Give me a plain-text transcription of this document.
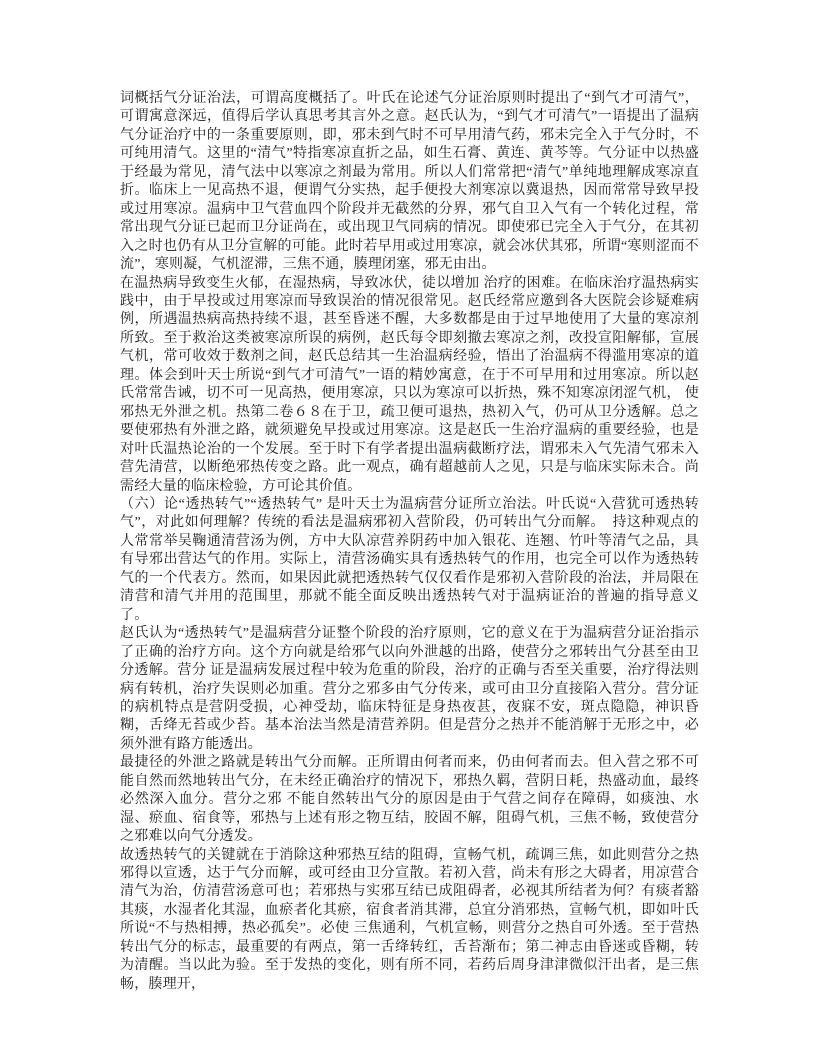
词概括气分证治法，可谓高度概括了。叶氏在论述气分证治原则时提出了“到气才可清气”，可谓寓意深远，值得后学认真思考其言外之意。赵氏认为，“到气才可清气”一语提出了温病气分证治疗中的一条重要原则，即，邪未到气时不可早用清气药，邪未完全入于气分时，不可纯用清气。这里的“清气”特指寒凉直折之品，如生石膏、黄连、黄芩等。气分证中以热盛 于经最为常见，清气法中以寒凉之剂最为常用。所以人们常常把“清气”单纯地理解成寒凉直折。临床上一见高热不退，便谓气分实热，起手便投大剂寒凉以冀退热，因而常常导致早投或过用寒凉。温病中卫气营血四个阶段并无截然的分界，邪气自卫入气有一个转化过程，常常出现气分证已起而卫分证尚在，或出现卫气同病的情况。即使邪已完全入于气分，在其初入之时也仍有从卫分宣解的可能。此时若早用或过用寒凉，就会冰伏其邪，所谓“寒则涩而不流”，寒则凝，气机涩滞，三焦不通，腠理闭塞，邪无由出。

在温热病导致变生火郁，在湿热病，导致冰伏，徒以增加 治疗的困难。在临床治疗温热病实践中，由于早投或过用寒凉而导致误治的情况很常见。赵氏经常应邀到各大医院会诊疑难病例，所遇温热病高热持续不退，甚至昏迷不醒，大多数都是由于过早地使用了大量的寒凉剂所致。至于救治这类被寒凉所误的病例，赵氏每令即刻撤去寒凉之剂，改投宣阳解郁，宣展气机，常可收效于数剂之间，赵氏总结其一生治温病经验，悟出了治温病不得滥用寒凉的道理。体会到叶天士所说“到气才可清气”一语的精妙寓意，在于不可早用和过用寒凉。所以赵氏常常告诫，切不可一见高热，便用寒凉，只以为寒凉可以折热，殊不知寒凉闭涩气机， 使邪热无外泄之机。热第二卷６８在于卫，疏卫便可退热，热初入气，仍可从卫分透解。总之要使邪热有外泄之路，就须避免早投或过用寒凉。这是赵氏一生治疗温病的重要经验，也是对叶氏温热论治的一个发展。至于时下有学者提出温病截断疗法，谓邪未入气先清气邪未入营先清营，以断绝邪热传变之路。此一观点，确有超越前人之见，只是与临床实际未合。尚需经大量的临床检验，方可论其价值。

（六）论“透热转气”“透热转气” 是叶天士为温病营分证所立治法。叶氏说“入营犹可透热转气”，对此如何理解？传统的看法是温病邪初入营阶段，仍可转出气分而解。　持这种观点的人常常举吴鞠通清营汤为例，方中大队凉营养阴药中加入银花、连翘、竹叶等清气之品，具有导邪出营达气的作用。实际上，清营汤确实具有透热转气的作用，也完全可以作为透热转气的一个代表方。然而，如果因此就把透热转气仅仅看作是邪初入营阶段的治法，并局限在清营和清气并用的范围里，那就不能全面反映出透热转气对于温病证治的普遍的指导意义了。

赵氏认为“透热转气”是温病营分证整个阶段的治疗原则，它的意义在于为温病营分证治指示了正确的治疗方向。这个方向就是给邪气以向外泄越的出路，使营分之邪转出气分甚至由卫分透解。营分 证是温病发展过程中较为危重的阶段，治疗的正确与否至关重要，治疗得法则病有转机，治疗失误则必加重。营分之邪多由气分传来，或可由卫分直接陷入营分。营分证的病机特点是营阴受损，心神受劫，临床特征是身热夜甚，夜寐不安，斑点隐隐，神识昏糊，舌绛无苔或少苔。基本治法当然是清营养阴。但是营分之热并不能消解于无形之中，必须外泄有路方能透出。

最捷径的外泄之路就是转出气分而解。正所谓由何者而来，仍由何者而去。但入营之邪不可能自然而然地转出气分，在未经正确治疗的情况下，邪热久羁，营阴日耗，热盛动血，最终必然深入血分。营分之邪 不能自然转出气分的原因是由于气营之间存在障碍，如痰浊、水湿、瘀血、宿食等，邪热与上述有形之物互结，胶固不解，阻碍气机，三焦不畅，致使营分之邪难以向气分透发。

故透热转气的关键就在于消除这种邪热互结的阻碍，宣畅气机，疏调三焦，如此则营分之热邪得以宣透，达于气分而解，或可经由卫分宣散。若初入营，尚未有形之大碍者，用凉营合清气为治，仿清营汤意可也；若邪热与实邪互结已成阻碍者，必视其所结者为何？有痰者豁其痰，水湿者化其湿，血瘀者化其瘀，宿食者消其滞，总宜分消邪热，宣畅气机，即如叶氏所说“不与热相搏，热必孤矣”。必使 三焦通利，气机宣畅，则营分之热自可外透。至于营热转出气分的标志，最重要的有两点，第一舌绛转红，舌苔渐布；第二神志由昏迷或昏糊，转为清醒。当以此为验。至于发热的变化，则有所不同，若药后周身津津微似汗出者，是三焦畅，腠理开，
